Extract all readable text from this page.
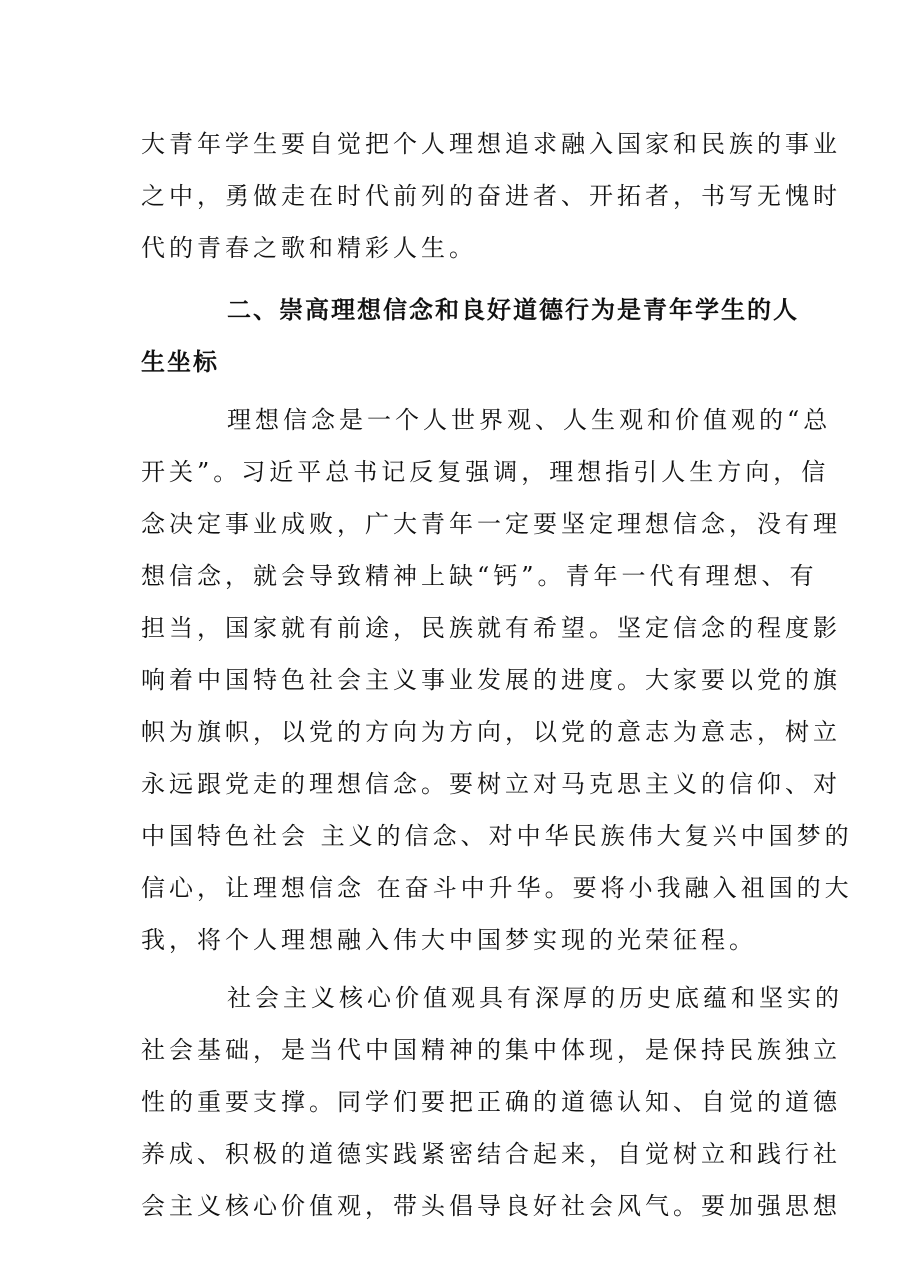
大青年学生要自觉把个人理想追求融入国家和民族的事业
之中，勇做走在时代前列的奋进者、开拓者，书写无愧时
代的青春之歌和精彩人生。
二、崇高理想信念和良好道德行为是青年学生的人
生坐标
理想信念是一个人世界观、人生观和价值观的“总
开关”。习近平总书记反复强调，理想指引人生方向，信
念决定事业成败，广大青年一定要坚定理想信念，没有理
想信念，就会导致精神上缺“钙”。青年一代有理想、有
担当，国家就有前途，民族就有希望。坚定信念的程度影
响着中国特色社会主义事业发展的进度。大家要以党的旗
帜为旗帜，以党的方向为方向，以党的意志为意志，树立
永远跟党走的理想信念。要树立对马克思主义的信仰、对
中国特色社会 主义的信念、对中华民族伟大复兴中国梦的
信心，让理想信念 在奋斗中升华。要将小我融入祖国的大
我，将个人理想融入伟大中国梦实现的光荣征程。
社会主义核心价值观具有深厚的历史底蕴和坚实的
社会基础，是当代中国精神的集中体现，是保持民族独立
性的重要支撑。同学们要把正确的道德认知、自觉的道德
养成、积极的道德实践紧密结合起来，自觉树立和践行社
会主义核心价值观，带头倡导良好社会风气。要加强思想
